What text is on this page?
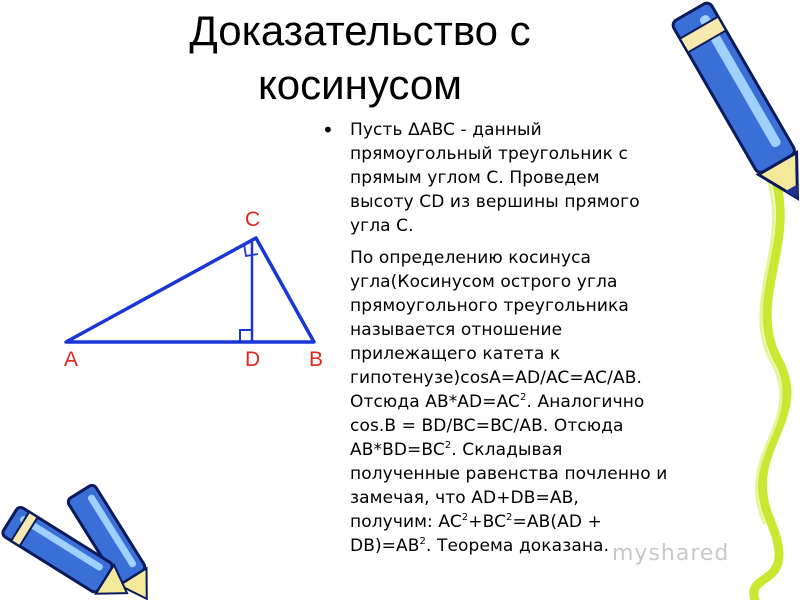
C
A	D B
Доказательство с
косинусом
• Пусть ΔABC - данный
прямоугольный треугольник с
прямым углом C. Проведем
высоту CD из вершины прямого
угла C.
По определению косинуса
угла(Косинусом острого угла
прямоугольного треугольника
называется отношение
прилежащего катета к
гипотенузе)cosA=AD/AC=AC/AB.
Отсюда $AB*AD=AC^2$. Аналогично
cos.B = BD/BC=BC/AB. Отсюда
$AB*BD=BC^2$. Складывая
полученные равенства почленно и
замечая, что AD+DB=AB,
получим: $AC^2+BC^2=AB(AD$ +
$DB)=AB^2$. Теорема доказана. myshared
